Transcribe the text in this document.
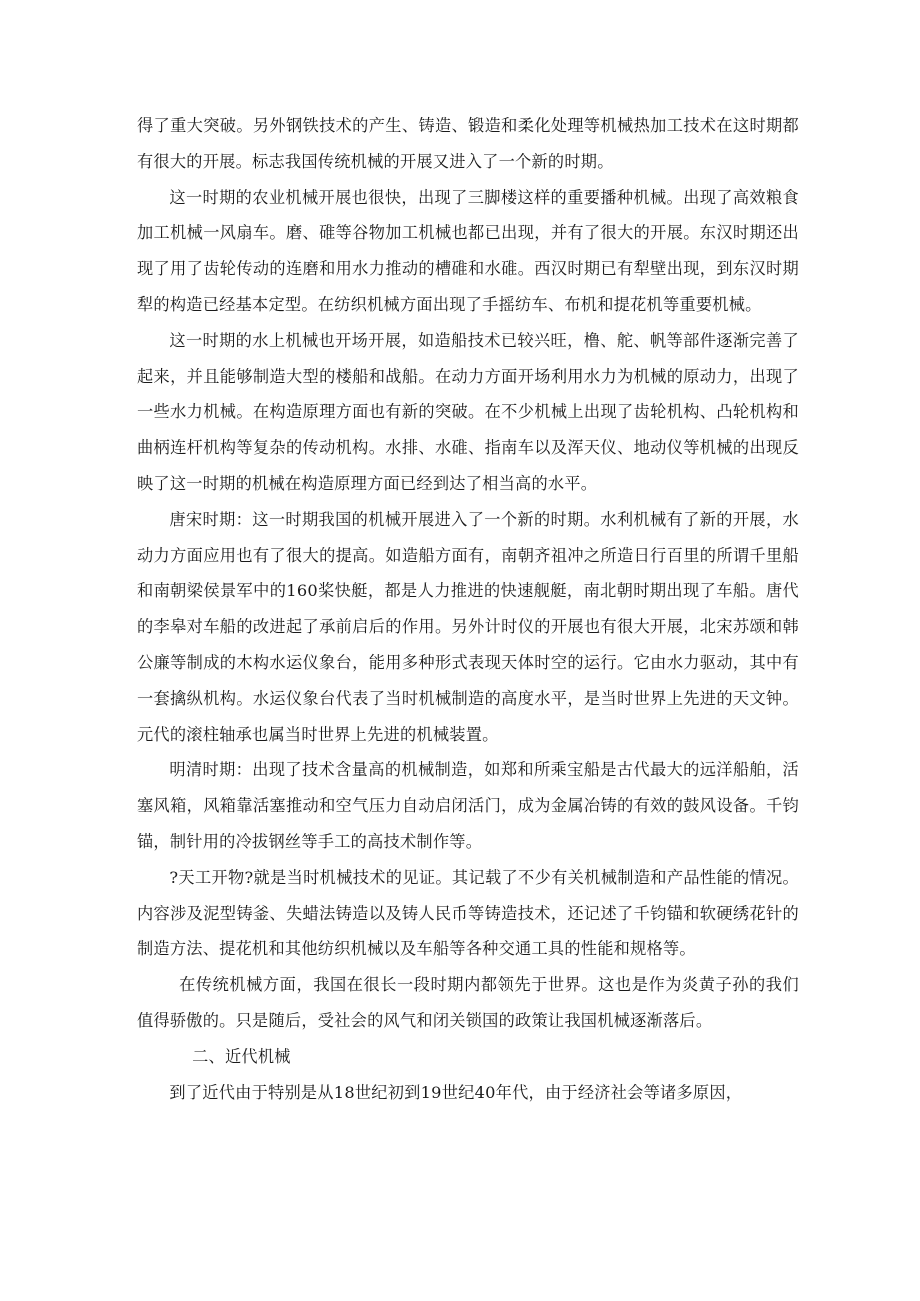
得了重大突破。另外钢铁技术的产生、铸造、锻造和柔化处理等机械热加工技术在这时期都有很大的开展。标志我国传统机械的开展又进入了一个新的时期。

这一时期的农业机械开展也很快，出现了三脚楼这样的重要播种机械。出现了高效粮食加工机械一风扇车。磨、碓等谷物加工机械也都已出现，并有了很大的开展。东汉时期还出现了用了齿轮传动的连磨和用水力推动的槽碓和水碓。西汉时期已有犁壁出现，到东汉时期犁的构造已经基本定型。在纺织机械方面出现了手摇纺车、布机和提花机等重要机械。

这一时期的水上机械也开场开展，如造船技术已较兴旺，橹、舵、帆等部件逐渐完善了起来，并且能够制造大型的楼船和战船。在动力方面开场利用水力为机械的原动力，出现了一些水力机械。在构造原理方面也有新的突破。在不少机械上出现了齿轮机构、凸轮机构和曲柄连杆机构等复杂的传动机构。水排、水碓、指南车以及浑天仪、地动仪等机械的出现反映了这一时期的机械在构造原理方面已经到达了相当高的水平。

唐宋时期：这一时期我国的机械开展进入了一个新的时期。水利机械有了新的开展，水动力方面应用也有了很大的提高。如造船方面有，南朝齐祖冲之所造日行百里的所谓千里船和南朝梁侯景军中的160桨快艇，都是人力推进的快速舰艇，南北朝时期出现了车船。唐代的李皋对车船的改进起了承前启后的作用。另外计时仪的开展也有很大开展，北宋苏颂和韩公廉等制成的木构水运仪象台，能用多种形式表现天体时空的运行。它由水力驱动，其中有一套擒纵机构。水运仪象台代表了当时机械制造的高度水平，是当时世界上先进的天文钟。元代的滚柱轴承也属当时世界上先进的机械装置。

明清时期：出现了技术含量高的机械制造，如郑和所乘宝船是古代最大的远洋船舶，活塞风箱，风箱靠活塞推动和空气压力自动启闭活门，成为金属冶铸的有效的鼓风设备。千钧锚，制针用的冷拔钢丝等手工的高技术制作等。

?天工开物?就是当时机械技术的见证。其记载了不少有关机械制造和产品性能的情况。内容涉及泥型铸釜、失蜡法铸造以及铸人民币等铸造技术，还记述了千钧锚和软硬绣花针的制造方法、提花机和其他纺织机械以及车船等各种交通工具的性能和规格等。

在传统机械方面，我国在很长一段时期内都领先于世界。这也是作为炎黄子孙的我们值得骄傲的。只是随后，受社会的风气和闭关锁国的政策让我国机械逐渐落后。

二、近代机械

到了近代由于特别是从18世纪初到19世纪40年代，由于经济社会等诸多原因，
